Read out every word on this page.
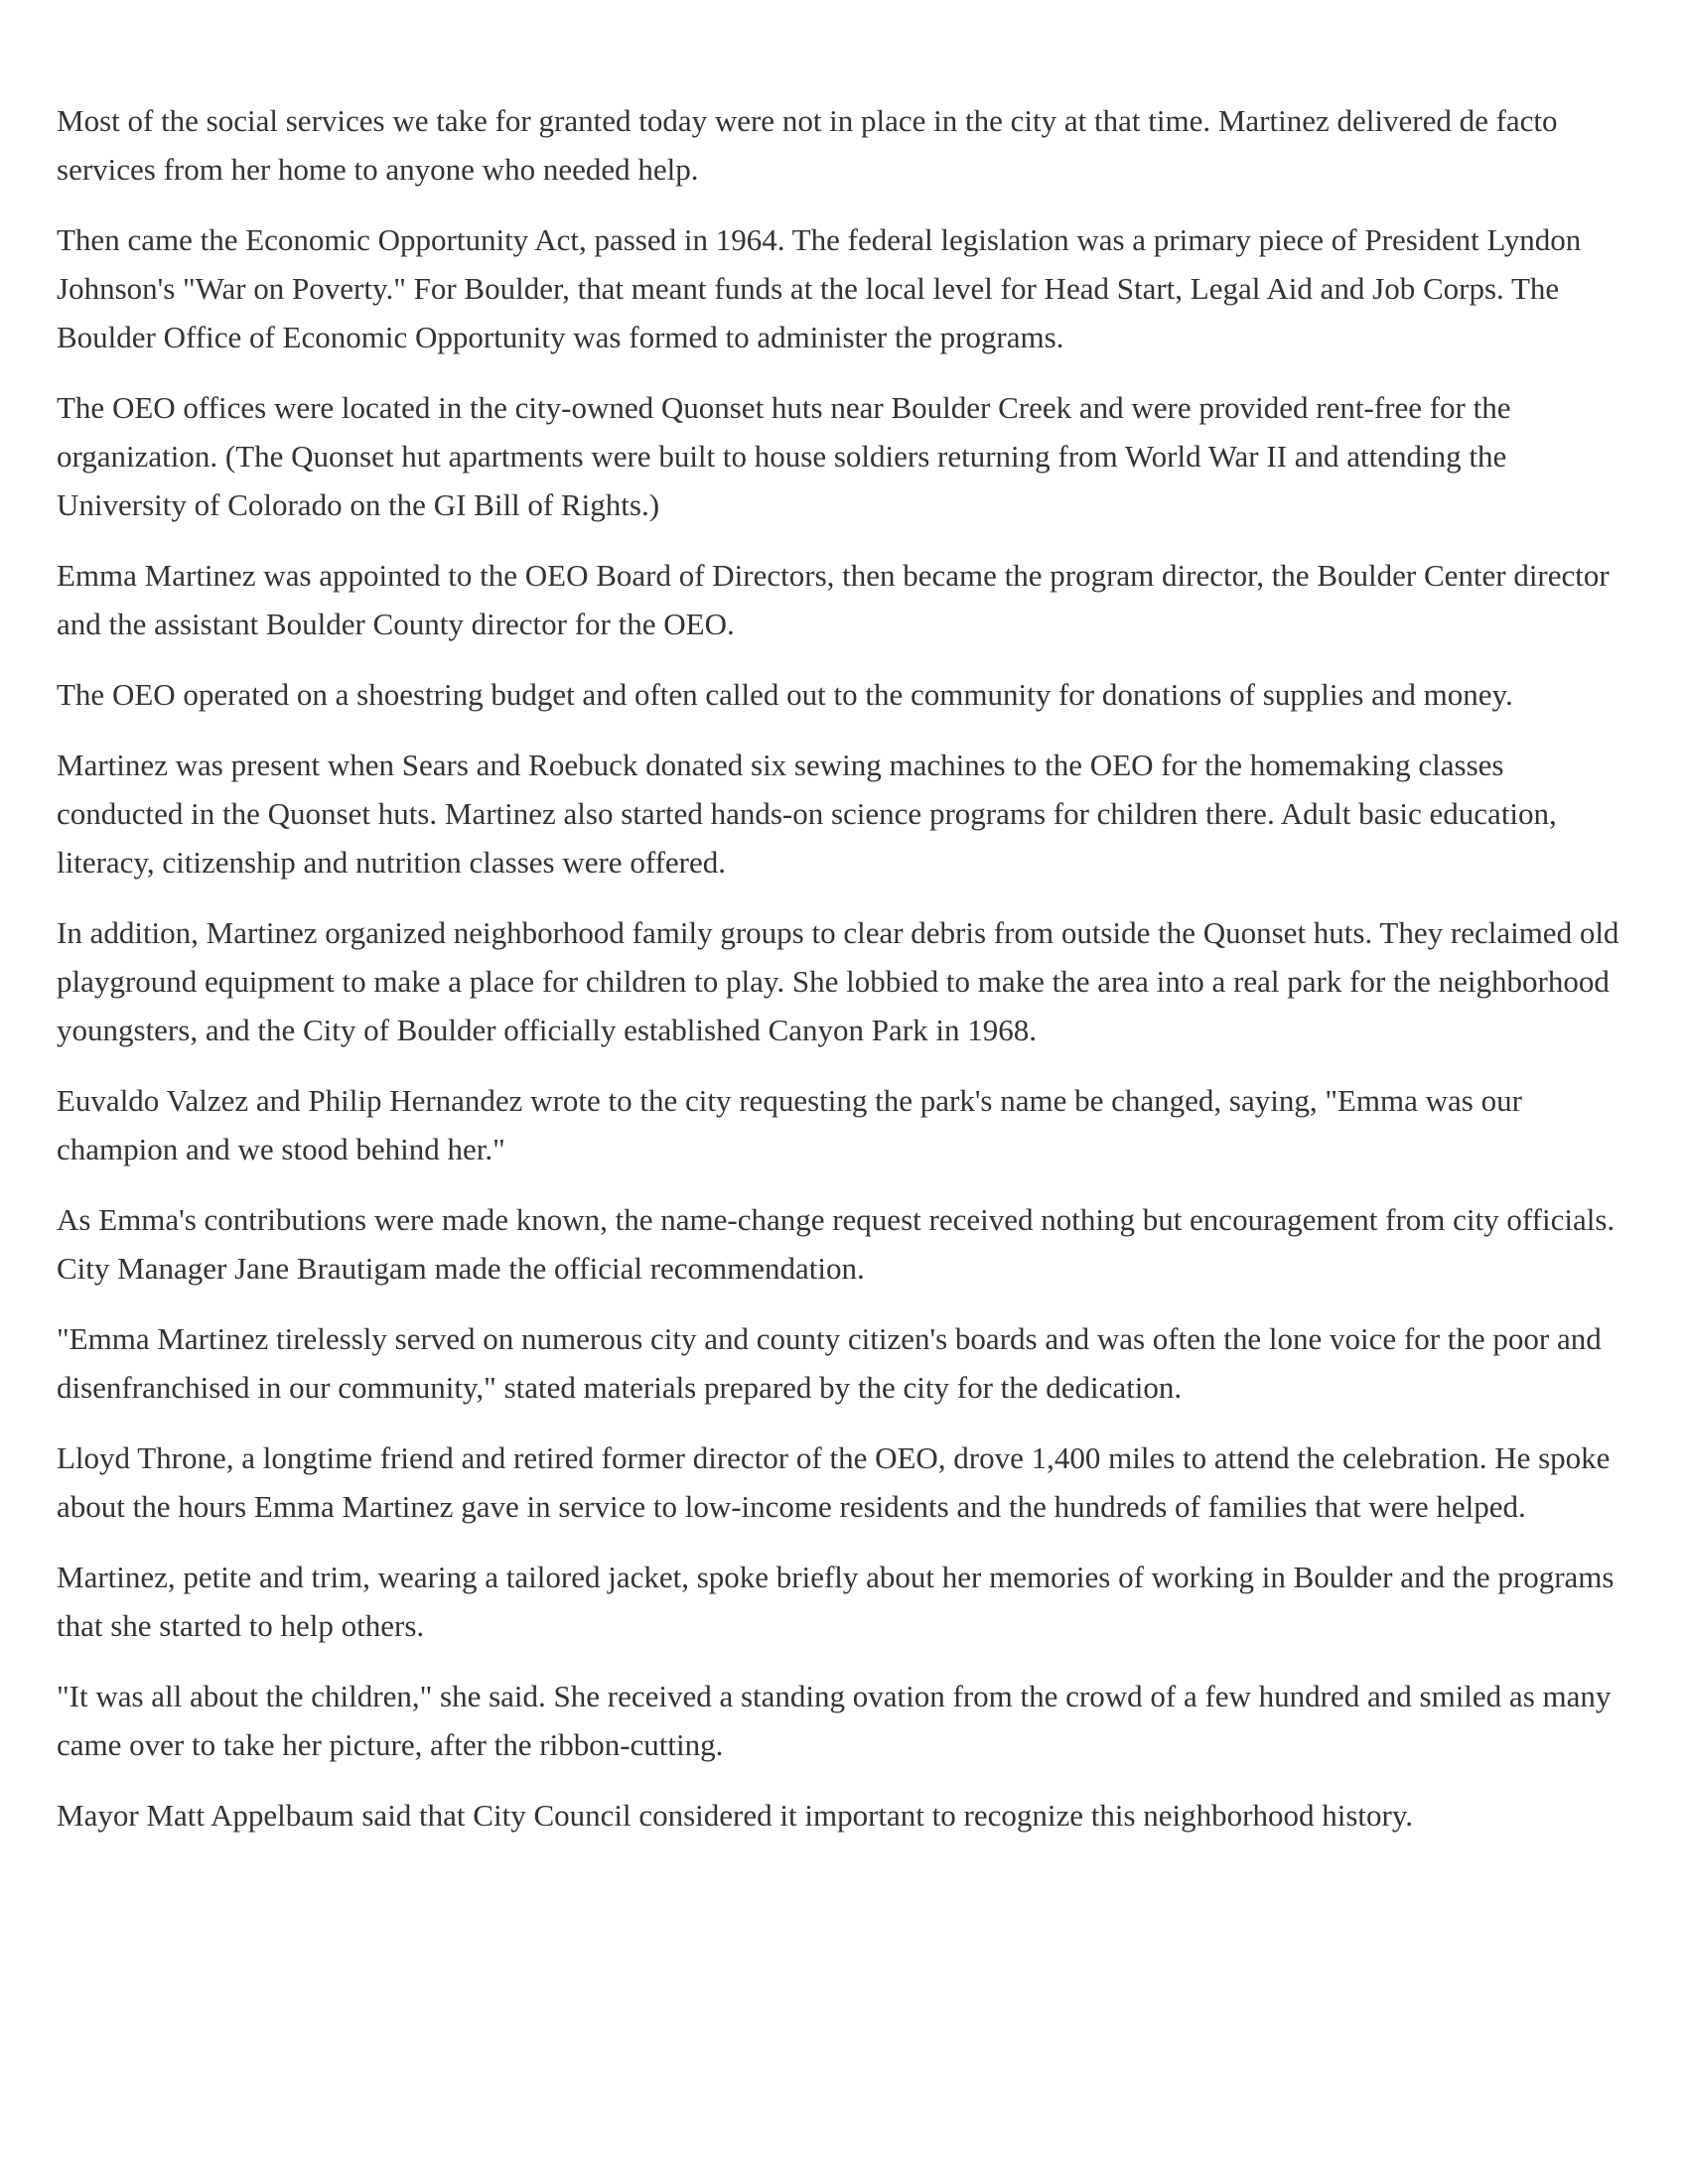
Most of the social services we take for granted today were not in place in the city at that time. Martinez delivered de facto services from her home to anyone who needed help.

Then came the Economic Opportunity Act, passed in 1964. The federal legislation was a primary piece of President Lyndon Johnson's "War on Poverty." For Boulder, that meant funds at the local level for Head Start, Legal Aid and Job Corps. The Boulder Office of Economic Opportunity was formed to administer the programs.

The OEO offices were located in the city-owned Quonset huts near Boulder Creek and were provided rent-free for the organization. (The Quonset hut apartments were built to house soldiers returning from World War II and attending the University of Colorado on the GI Bill of Rights.)

Emma Martinez was appointed to the OEO Board of Directors, then became the program director, the Boulder Center director and the assistant Boulder County director for the OEO.

The OEO operated on a shoestring budget and often called out to the community for donations of supplies and money.

Martinez was present when Sears and Roebuck donated six sewing machines to the OEO for the homemaking classes conducted in the Quonset huts. Martinez also started hands-on science programs for children there. Adult basic education, literacy, citizenship and nutrition classes were offered.

In addition, Martinez organized neighborhood family groups to clear debris from outside the Quonset huts. They reclaimed old playground equipment to make a place for children to play. She lobbied to make the area into a real park for the neighborhood youngsters, and the City of Boulder officially established Canyon Park in 1968.

Euvaldo Valzez and Philip Hernandez wrote to the city requesting the park's name be changed, saying, "Emma was our champion and we stood behind her."

As Emma's contributions were made known, the name-change request received nothing but encouragement from city officials. City Manager Jane Brautigam made the official recommendation.

"Emma Martinez tirelessly served on numerous city and county citizen's boards and was often the lone voice for the poor and disenfranchised in our community," stated materials prepared by the city for the dedication.

Lloyd Throne, a longtime friend and retired former director of the OEO, drove 1,400 miles to attend the celebration. He spoke about the hours Emma Martinez gave in service to low-income residents and the hundreds of families that were helped.

Martinez, petite and trim, wearing a tailored jacket, spoke briefly about her memories of working in Boulder and the programs that she started to help others.

"It was all about the children," she said. She received a standing ovation from the crowd of a few hundred and smiled as many came over to take her picture, after the ribbon-cutting.

Mayor Matt Appelbaum said that City Council considered it important to recognize this neighborhood history.
